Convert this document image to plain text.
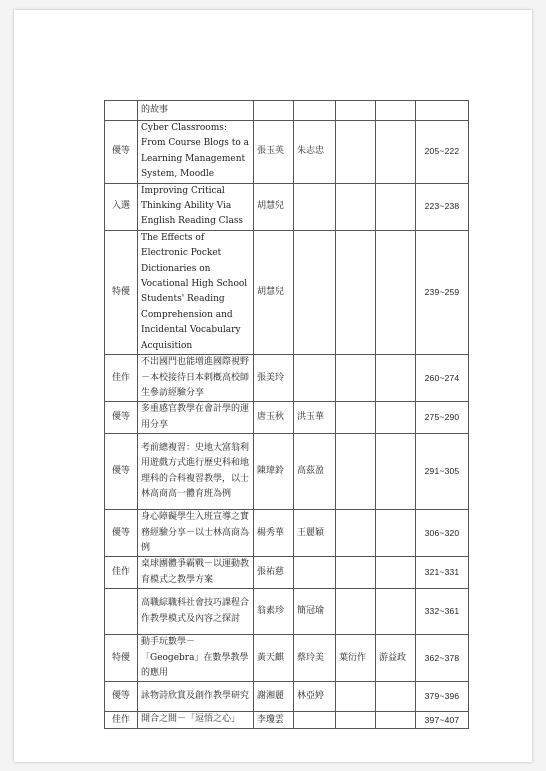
	的故事					
優等	Cyber Classrooms: From Course Blogs to a Learning Management System, Moodle	張玉英	朱志忠			205~222
入選	Improving Critical Thinking Ability Via English Reading Class	胡慧兒				223~238
特優	The Effects of Electronic Pocket Dictionaries on Vocational High School Students' Reading Comprehension and Incidental Vocabulary Acquisition	胡慧兒				239~259
佳作	不出國門也能增進國際視野－本校接待日本剌槪高校師生參訪經驗分享	張美玲				260~274
優等	多重感官教學在會計學的運用分享	唐玉秋	洪玉華			275~290
優等	考前總複習：史地大富翁利用遊戲方式進行歷史科和地理科的合科複習教學，以士林高商高一體育班為例	陳瑋鈴	高茲盈			291~305
優等	身心障礙學生入班宣導之實務經驗分享－以士林高商為例	楊秀華	王麗穎			306~320
佳作	桌球團體爭霸戰－以運動教育模式之教學方案	張祐慈				321~331
	高職綜職科社會技巧課程合作教學模式及內容之探討	翁素珍	簡冠瑜			332~361
特優	動手玩數學－「Geogebra」在數學教學的應用	黃天麒	蔡玲美	葉衍作	游益政	362~378
優等	詠物詩欣賞及創作教學研究	謝湘麗	林亞婷			379~396
佳作	開合之間－「逗悟之心」	李瓊雲				397~407
